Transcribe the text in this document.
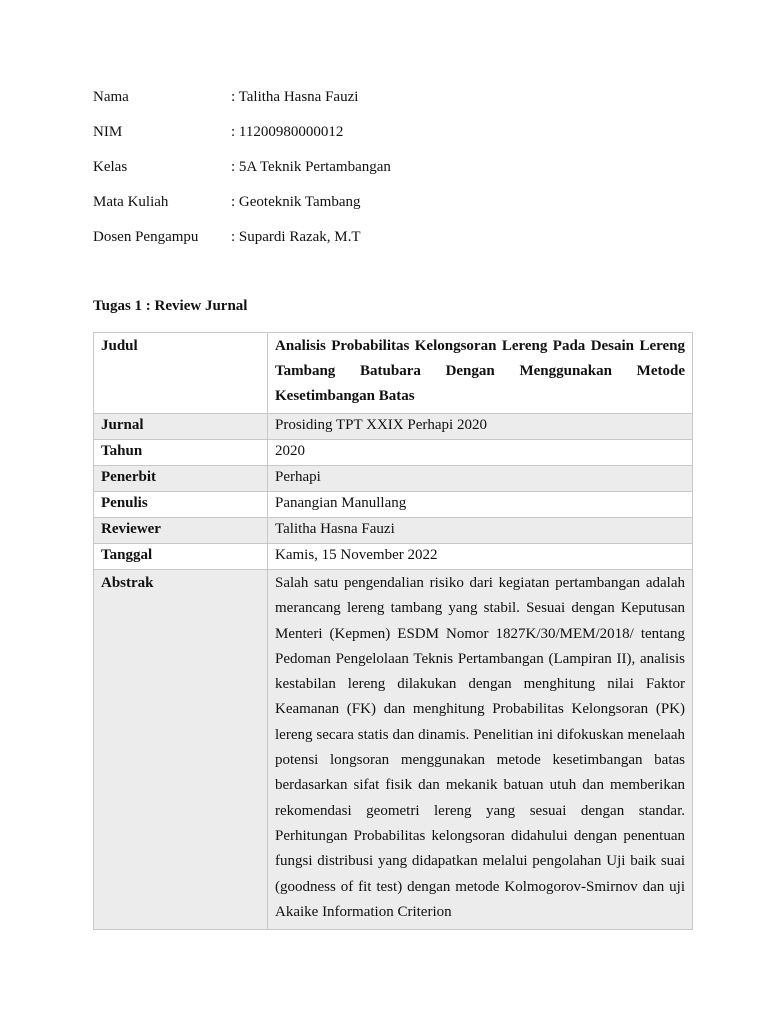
Nama	: Talitha Hasna Fauzi
NIM	: 11200980000012
Kelas	: 5A Teknik Pertambangan
Mata Kuliah	: Geoteknik Tambang
Dosen Pengampu	: Supardi Razak, M.T
Tugas 1 : Review Jurnal
Judul	Analisis Probabilitas Kelongsoran Lereng Pada Desain Lereng Tambang Batubara Dengan Menggunakan Metode Kesetimbangan Batas
Jurnal	Prosiding TPT XXIX Perhapi 2020
Tahun	2020
Penerbit	Perhapi
Penulis	Panangian Manullang
Reviewer	Talitha Hasna Fauzi
Tanggal	Kamis, 15 November 2022
Abstrak	Salah satu pengendalian risiko dari kegiatan pertambangan adalah merancang lereng tambang yang stabil. Sesuai dengan Keputusan Menteri (Kepmen) ESDM Nomor 1827K/30/MEM/2018/ tentang Pedoman Pengelolaan Teknis Pertambangan (Lampiran II), analisis kestabilan lereng dilakukan dengan menghitung nilai Faktor Keamanan (FK) dan menghitung Probabilitas Kelongsoran (PK) lereng secara statis dan dinamis. Penelitian ini difokuskan menelaah potensi longsoran menggunakan metode kesetimbangan batas berdasarkan sifat fisik dan mekanik batuan utuh dan memberikan rekomendasi geometri lereng yang sesuai dengan standar. Perhitungan Probabilitas kelongsoran didahului dengan penentuan fungsi distribusi yang didapatkan melalui pengolahan Uji baik suai (goodness of fit test) dengan metode Kolmogorov-Smirnov dan uji Akaike Information Criterion
